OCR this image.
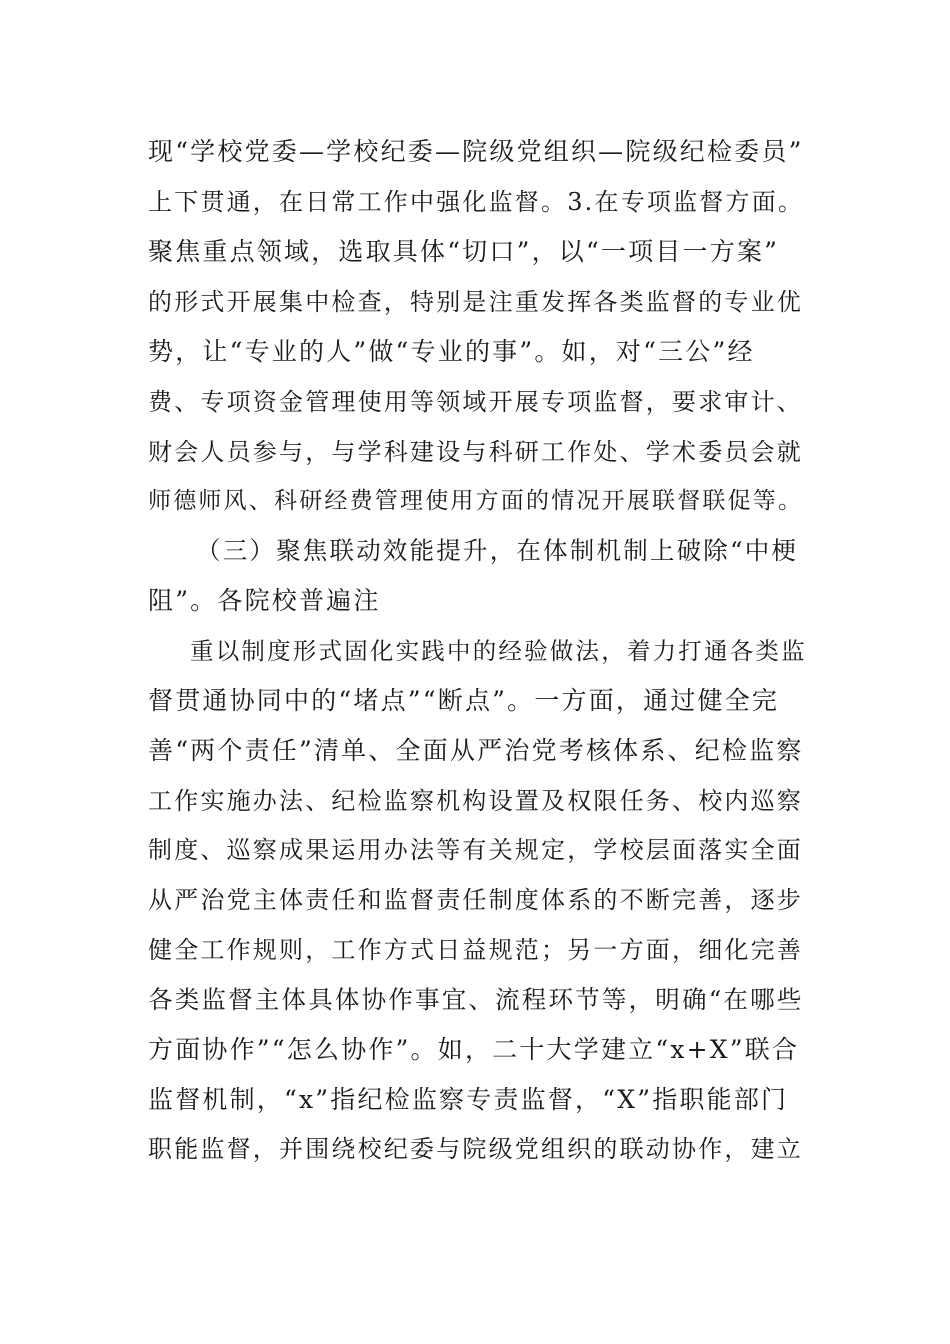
现“学校党委—学校纪委—院级党组织—院级纪检委员”
上下贯通，在日常工作中强化监督。3.在专项监督方面。
聚焦重点领域，选取具体“切口”，以“一项目一方案”
的形式开展集中检查，特别是注重发挥各类监督的专业优
势，让“专业的人”做“专业的事”。如，对“三公”经
费、专项资金管理使用等领域开展专项监督，要求审计、
财会人员参与，与学科建设与科研工作处、学术委员会就
师德师风、科研经费管理使用方面的情况开展联督联促等。
（三）聚焦联动效能提升，在体制机制上破除“中梗
阻”。各院校普遍注
重以制度形式固化实践中的经验做法，着力打通各类监
督贯通协同中的“堵点”“断点”。一方面，通过健全完
善“两个责任”清单、全面从严治党考核体系、纪检监察
工作实施办法、纪检监察机构设置及权限任务、校内巡察
制度、巡察成果运用办法等有关规定，学校层面落实全面
从严治党主体责任和监督责任制度体系的不断完善，逐步
健全工作规则，工作方式日益规范；另一方面，细化完善
各类监督主体具体协作事宜、流程环节等，明确“在哪些
方面协作”“怎么协作”。如，二十大学建立“x+X”联合
监督机制，“x”指纪检监察专责监督，“X”指职能部门
职能监督，并围绕校纪委与院级党组织的联动协作，建立
